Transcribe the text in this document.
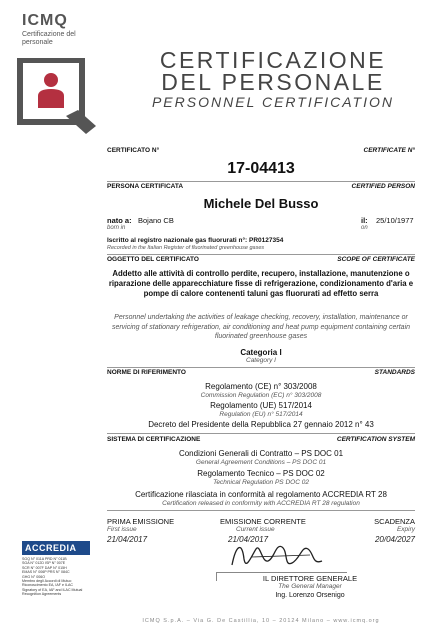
ICMQ
Certificazione del personale
CERTIFICAZIONE
DEL PERSONALE
PERSONNEL CERTIFICATION
CERTIFICATO N°	CERTIFICATE N°
17-04413
PERSONA CERTIFICATA	CERTIFIED PERSON
Michele Del Busso
nato a:
born in
Bojano CB	il:
on
25/10/1977
Iscritto al registro nazionale gas fluorurati n°: PR0127354
Recorded in the Italian Register of fluorinated greenhouse gases
OGGETTO DEL CERTIFICATO	SCOPE OF CERTIFICATE
Addetto alle attività di controllo perdite, recupero, installazione, manutenzione o riparazione delle apparecchiature fisse di refrigerazione, condizionamento d'aria e pompe di calore contenenti taluni gas fluorurati ad effetto serra
Personnel undertaking the activities of leakage checking, recovery, installation, maintenance or servicing of stationary refrigeration, air conditioning and heat pump equipment containing certain fluorinated greenhouse gases
Categoria I
Category I
NORME DI RIFERIMENTO	STANDARDS
Regolamento (CE) n° 303/2008
Commission Regulation (EC) n° 303/2008
Regolamento (UE) 517/2014
Regulation (EU) n° 517/2014
Decreto del Presidente della Repubblica 27 gennaio 2012 n° 43
SISTEMA DI CERTIFICAZIONE	CERTIFICATION SYSTEM
Condizioni Generali di Contratto – PS DOC 01
General Agreement Conditions – PS DOC 01
Regolamento Tecnico – PS DOC 02
Technical Regulation PS DOC 02
Certificazione rilasciata in conformità al regolamento ACCREDIA RT 28
Certification released in conformity with ACCREDIA RT 28 regulation
ACCREDIA
SGQ N° 011A PRD N° 011B
SGA N° 012D ISP N° 007E
SCR N° 007F DAP N° 015H
EMAS N° 006P PRS N° 084C
GHG N° 006O
Membro degli Accordi di Mutuo Riconoscimento EA, IAF e ILAC
Signatory of EA, IAF and ILAC Mutual Recognition Agreements
PRIMA EMISSIONE
First issue
21/04/2017
EMISSIONE CORRENTE
Current issue
21/04/2017
SCADENZA
Expiry
20/04/2027
IL DIRETTORE GENERALE
The General Manager
Ing. Lorenzo Orsenigo
ICMQ S.p.A. – Via G. De Castillia, 10 – 20124 Milano – www.icmq.org
